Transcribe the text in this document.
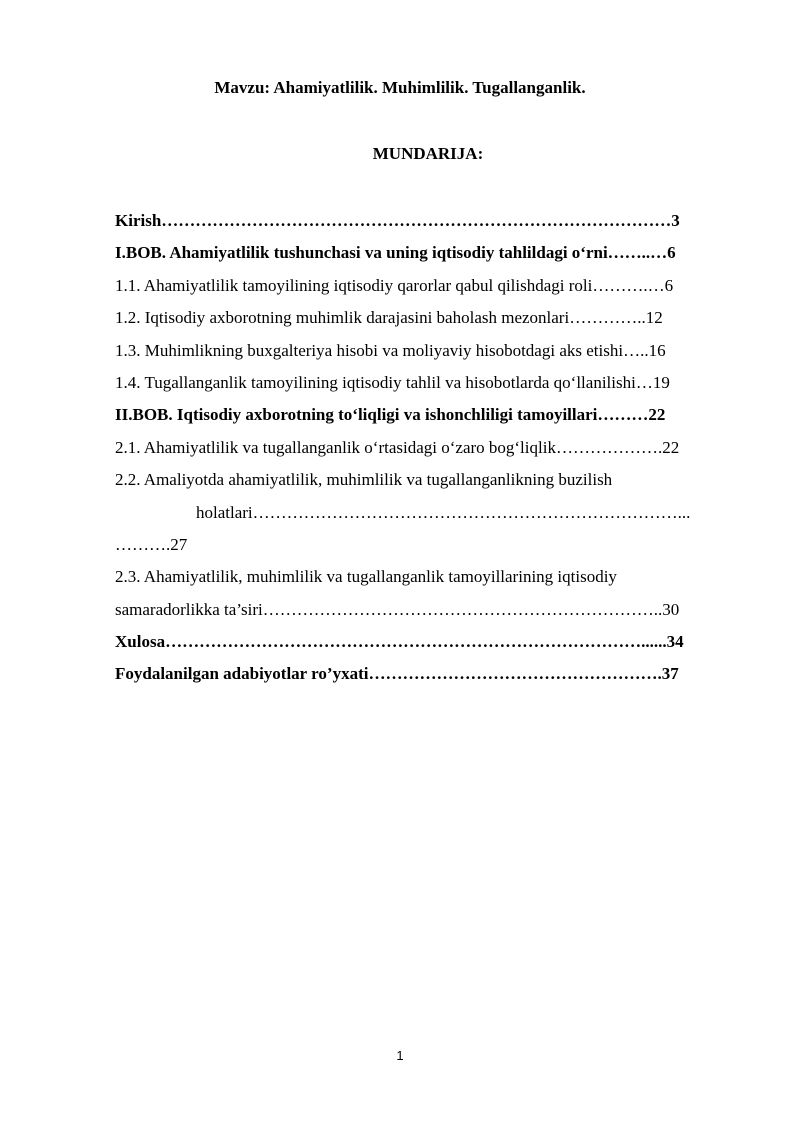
Mavzu: Ahamiyatlilik. Muhimlilik. Tugallanganlik.
MUNDARIJA:
Kirish………………………………………………………………………………3
I.BOB. Ahamiyatlilik tushunchasi va uning iqtisodiy tahlildagi o‘rni……..…6
1.1. Ahamiyatlilik tamoyilining iqtisodiy qarorlar qabul qilishdagi roli……….…6
1.2. Iqtisodiy axborotning muhimlik darajasini baholash mezonlari…………..12
1.3. Muhimlikning buxgalteriya hisobi va moliyaviy hisobotdagi aks etishi…..16
1.4. Tugallanganlik tamoyilining iqtisodiy tahlil va hisobotlarda qo‘llanilishi…19
II.BOB. Iqtisodiy axborotning to‘liqligi va ishonchliligi tamoyillari………22
2.1. Ahamiyatlilik va tugallanganlik o‘rtasidagi o‘zaro bog‘liqlik……………….22
2.2. Amaliyotda ahamiyatlilik, muhimlilik va tugallanganlikning buzilish
holatlari…………………………………………………………………...
……….27
2.3. Ahamiyatlilik, muhimlilik va tugallanganlik tamoyillarining iqtisodiy
samaradorlikka ta’siri……………………………………………………………..30
Xulosa…………………………………………………………………………......34
Foydalanilgan adabiyotlar ro’yxati…………………………………………….37
1
